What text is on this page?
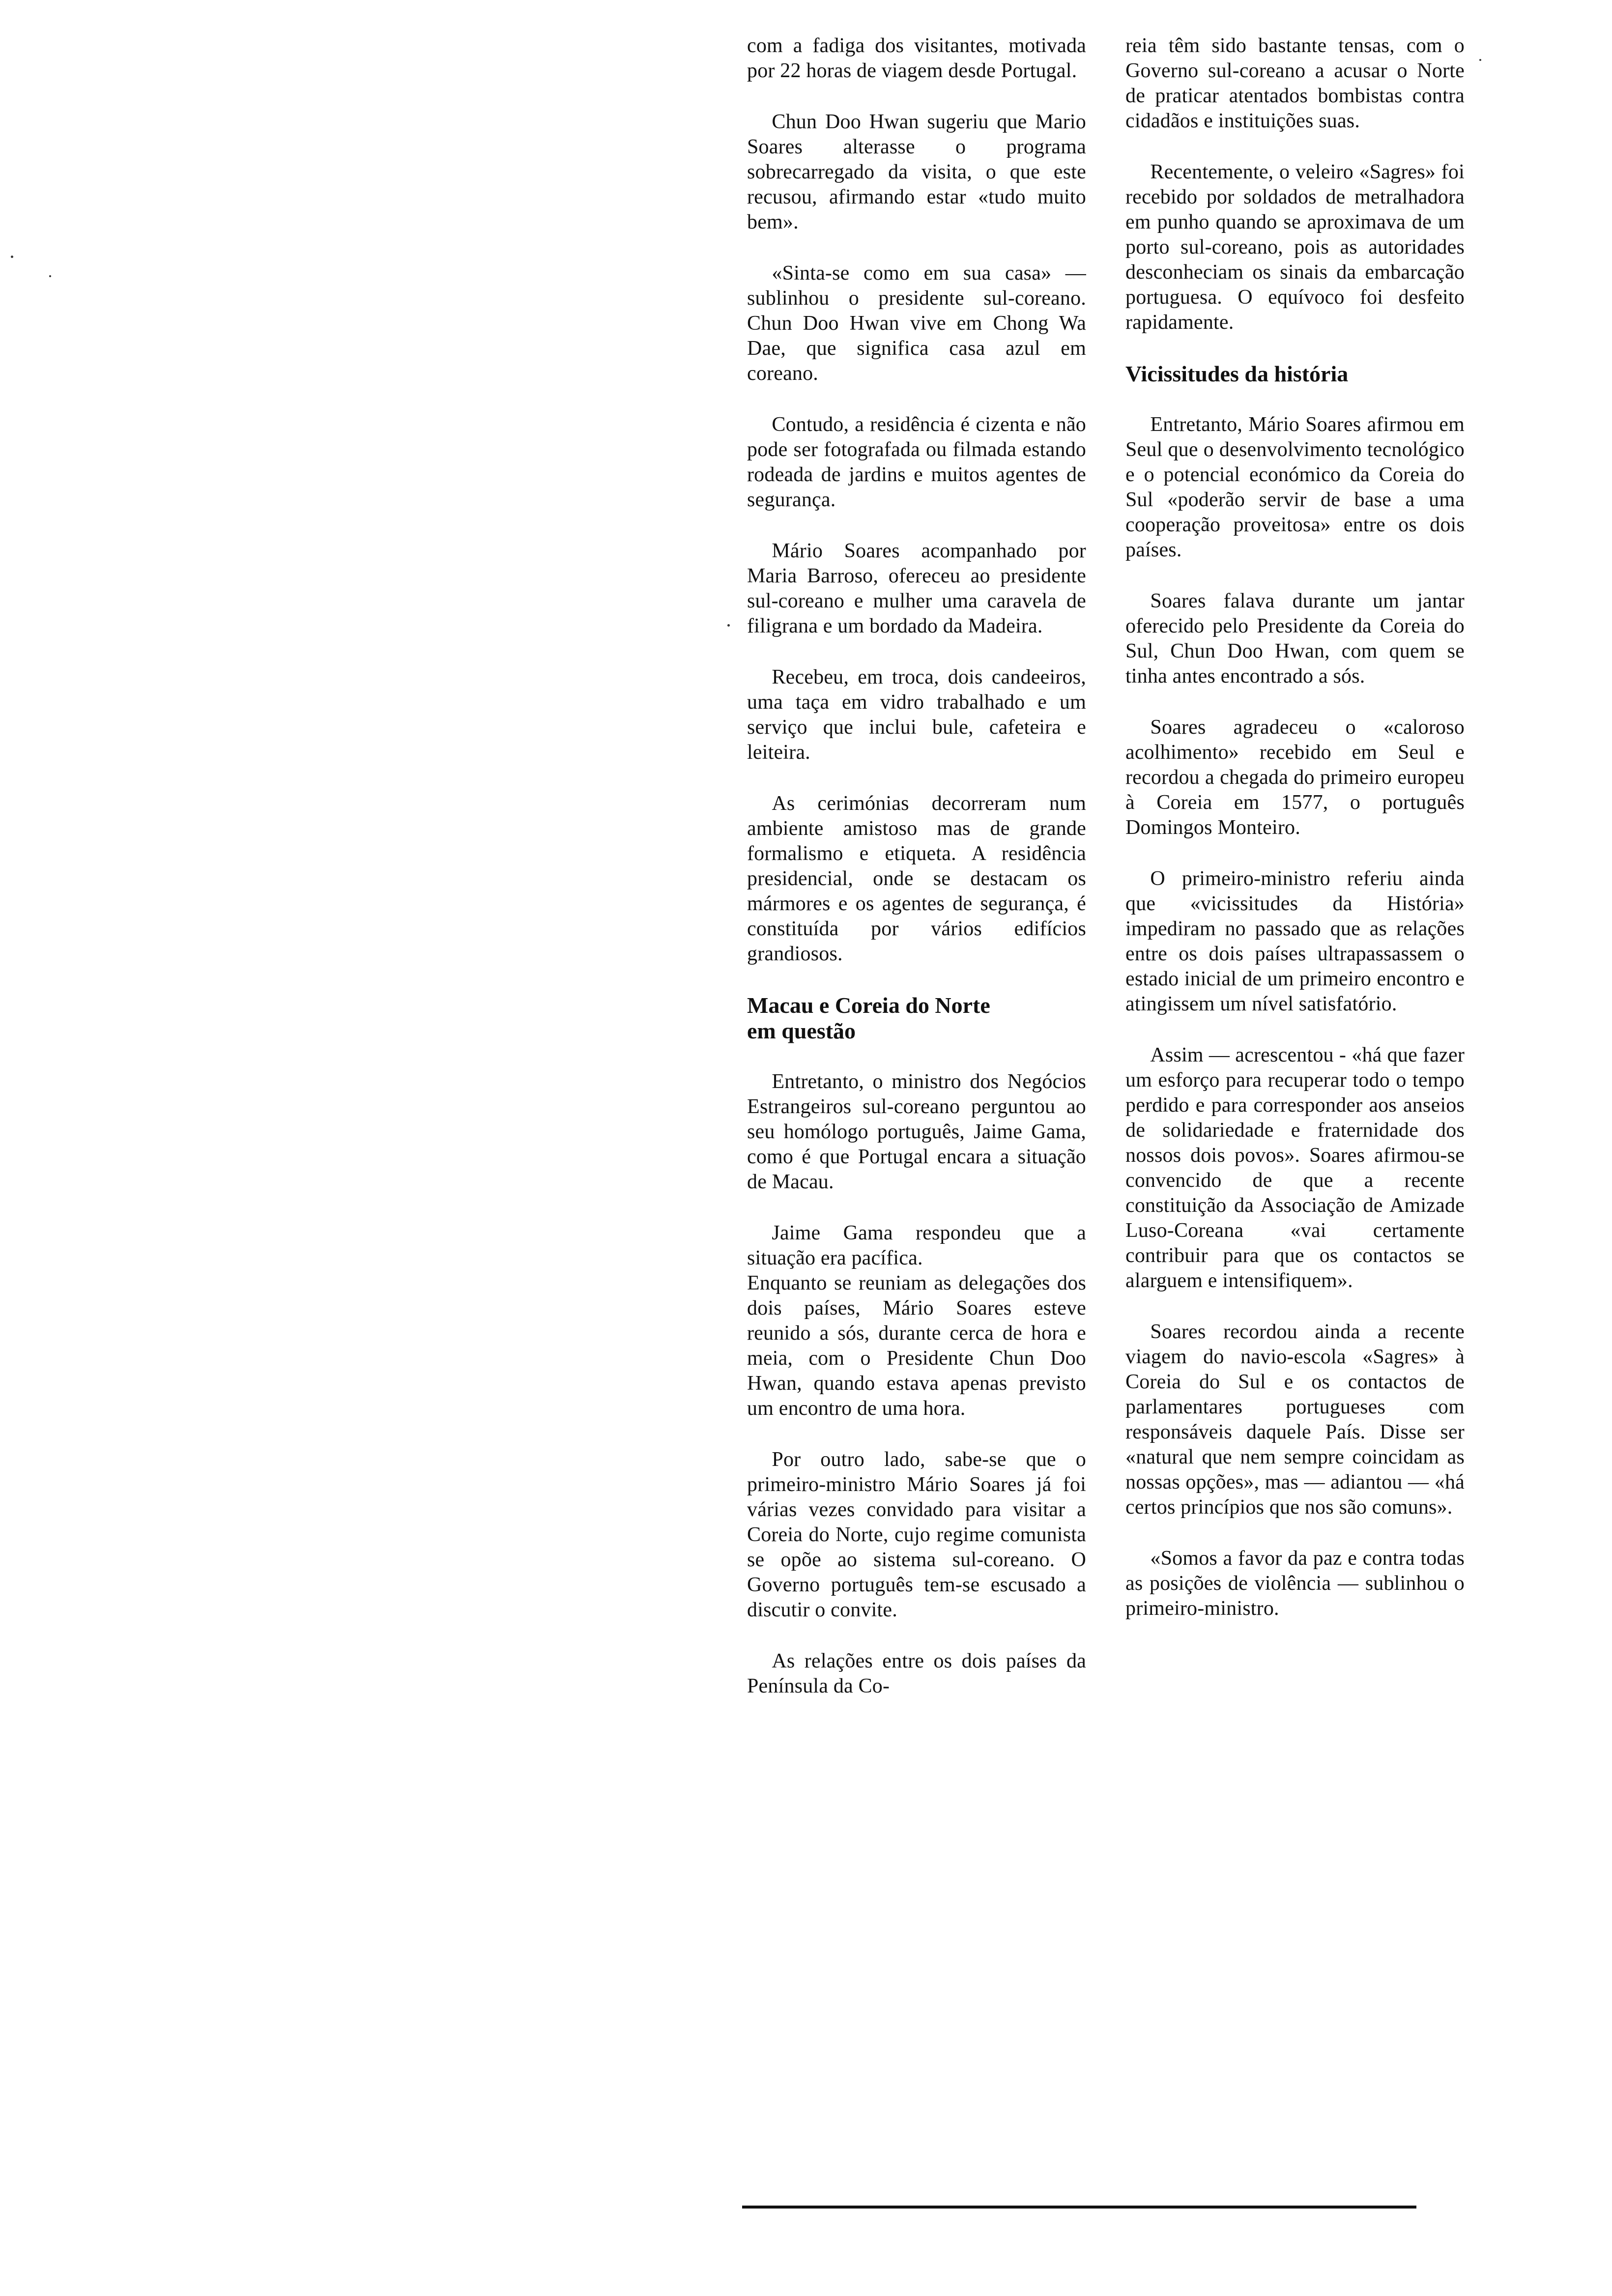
com a fadiga dos visitantes, motivada por 22 horas de viagem desde Portugal.

Chun Doo Hwan sugeriu que Mario Soares alterasse o programa sobrecarregado da visita, o que este recusou, afirmando estar «tudo muito bem».

«Sinta-se como em sua casa» — sublinhou o presidente sul-coreano. Chun Doo Hwan vive em Chong Wa Dae, que significa casa azul em coreano.

Contudo, a residência é cizenta e não pode ser fotografada ou filmada estando rodeada de jardins e muitos agentes de segurança.

Mário Soares acompanhado por Maria Barroso, ofereceu ao presidente sul-coreano e mulher uma caravela de filigrana e um bordado da Madeira.

Recebeu, em troca, dois candeeiros, uma taça em vidro trabalhado e um serviço que inclui bule, cafeteira e leiteira.

As cerimónias decorreram num ambiente amistoso mas de grande formalismo e etiqueta. A residência presidencial, onde se destacam os mármores e os agentes de segurança, é constituída por vários edifícios grandiosos.

Macau e Coreia do Norte
em questão

Entretanto, o ministro dos Negócios Estrangeiros sul-coreano perguntou ao seu homólogo português, Jaime Gama, como é que Portugal encara a situação de Macau.

Jaime Gama respondeu que a situação era pacífica.
Enquanto se reuniam as delegações dos dois países, Mário Soares esteve reunido a sós, durante cerca de hora e meia, com o Presidente Chun Doo Hwan, quando estava apenas previsto um encontro de uma hora.

Por outro lado, sabe-se que o primeiro-ministro Mário Soares já foi várias vezes convidado para visitar a Coreia do Norte, cujo regime comunista se opõe ao sistema sul-coreano. O Governo português tem-se escusado a discutir o convite.

As relações entre os dois países da Península da Co-

reia têm sido bastante tensas, com o Governo sul-coreano a acusar o Norte de praticar atentados bombistas contra cidadãos e instituições suas.

Recentemente, o veleiro «Sagres» foi recebido por soldados de metralhadora em punho quando se aproximava de um porto sul-coreano, pois as autoridades desconheciam os sinais da embarcação portuguesa. O equívoco foi desfeito rapidamente.

Vicissitudes da história

Entretanto, Mário Soares afirmou em Seul que o desenvolvimento tecnológico e o potencial económico da Coreia do Sul «poderão servir de base a uma cooperação proveitosa» entre os dois países.

Soares falava durante um jantar oferecido pelo Presidente da Coreia do Sul, Chun Doo Hwan, com quem se tinha antes encontrado a sós.

Soares agradeceu o «caloroso acolhimento» recebido em Seul e recordou a chegada do primeiro europeu à Coreia em 1577, o português Domingos Monteiro.

O primeiro-ministro referiu ainda que «vicissitudes da História» impediram no passado que as relações entre os dois países ultrapassassem o estado inicial de um primeiro encontro e atingissem um nível satisfatório.

Assim — acrescentou - «há que fazer um esforço para recuperar todo o tempo perdido e para corresponder aos anseios de solidariedade e fraternidade dos nossos dois povos». Soares afirmou-se convencido de que a recente constituição da Associação de Amizade Luso-Coreana «vai certamente contribuir para que os contactos se alarguem e intensifiquem».

Soares recordou ainda a recente viagem do navio-escola «Sagres» à Coreia do Sul e os contactos de parlamentares portugueses com responsáveis daquele País. Disse ser «natural que nem sempre coincidam as nossas opções», mas — adiantou — «há certos princípios que nos são comuns».

«Somos a favor da paz e contra todas as posições de violência — sublinhou o primeiro-ministro.
